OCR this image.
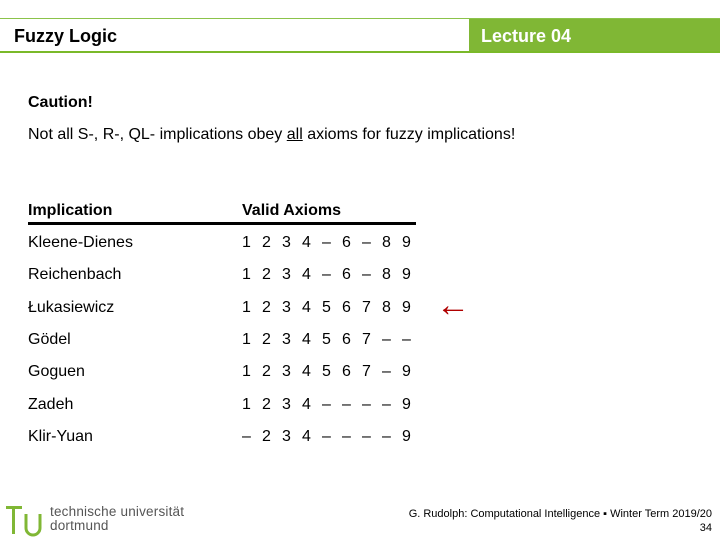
Fuzzy Logic	Lecture 04
Caution!
Not all S-, R-, QL- implications obey all axioms for fuzzy implications!
Implication	Valid Axioms
Kleene-Dienes	1 2 3 4 – 6 – 8 9
Reichenbach	1 2 3 4 – 6 – 8 9
Łukasiewicz	1 2 3 4 5 6 7 8 9
Gödel	1 2 3 4 5 6 7 – –
Goguen	1 2 3 4 5 6 7 – 9
Zadeh	1 2 3 4 – – – – 9
Klir-Yuan	– 2 3 4 – – – – 9
←
technische universität
dortmund
G. Rudolph: Computational Intelligence ▪ Winter Term 2019/20
34
